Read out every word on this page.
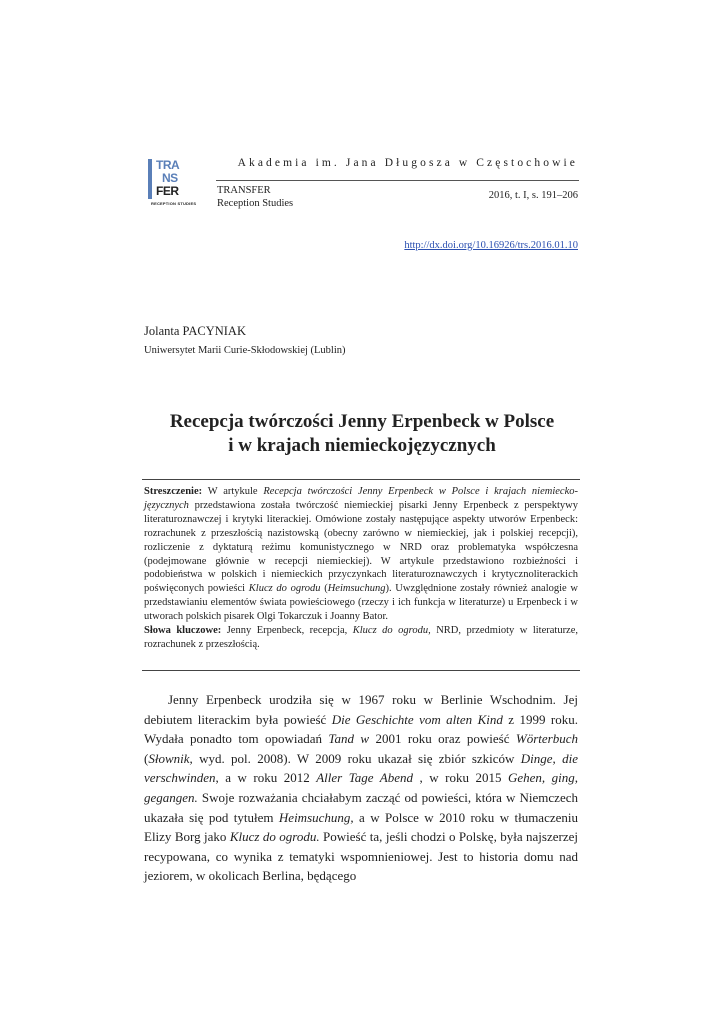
TRA
NS
FER
RECEPTION STUDIES
Akademia im. Jana Długosza w Częstochowie
TRANSFER
Reception Studies
2016, t. I, s. 191–206
http://dx.doi.org/10.16926/trs.2016.01.10
Jolanta PACYNIAK
Uniwersytet Marii Curie-Skłodowskiej (Lublin)
Recepcja twórczości Jenny Erpenbeck w Polsce
i w krajach niemieckojęzycznych

Streszczenie: W artykule Recepcja twórczości Jenny Erpenbeck w Polsce i krajach niemieckojęzycznych przedstawiona została twórczość niemieckiej pisarki Jenny Erpenbeck z perspektywy literaturoznawczej i krytyki literackiej. Omówione zostały następujące aspekty utworów Erpenbeck: rozrachunek z przeszłością nazistowską (obecny zarówno w niemieckiej, jak i polskiej recepcji), rozliczenie z dyktaturą reżimu komunistycznego w NRD oraz problematyka współczesna (podejmowane głównie w recepcji niemieckiej). W artykule przedstawiono rozbieżności i podobieństwa w polskich i niemieckich przyczynkach literaturoznawczych i krytycznoliterackich poświęconych powieści Klucz do ogrodu (Heimsuchung). Uwzględnione zostały również analogie w przedstawianiu elementów świata powieściowego (rzeczy i ich funkcja w literaturze) u Erpenbeck i w utworach polskich pisarek Olgi Tokarczuk i Joanny Bator.

Słowa kluczowe: Jenny Erpenbeck, recepcja, Klucz do ogrodu, NRD, przedmioty w literaturze, rozrachunek z przeszłością.

Jenny Erpenbeck urodziła się w 1967 roku w Berlinie Wschodnim. Jej debiutem literackim była powieść Die Geschichte vom alten Kind z 1999 roku. Wydała ponadto tom opowiadań Tand w 2001 roku oraz powieść Wörterbuch (Słownik, wyd. pol. 2008). W 2009 roku ukazał się zbiór szkiców Dinge, die verschwinden, a w roku 2012 Aller Tage Abend , w roku 2015 Gehen, ging, gegangen. Swoje rozważania chciałabym zacząć od powieści, która w Niemczech ukazała się pod tytułem Heimsuchung, a w Polsce w 2010 roku w tłumaczeniu Elizy Borg jako Klucz do ogrodu. Powieść ta, jeśli chodzi o Polskę, była najszerzej recypowana, co wynika z tematyki wspomnieniowej. Jest to historia domu nad jeziorem, w okolicach Berlina, będącego
